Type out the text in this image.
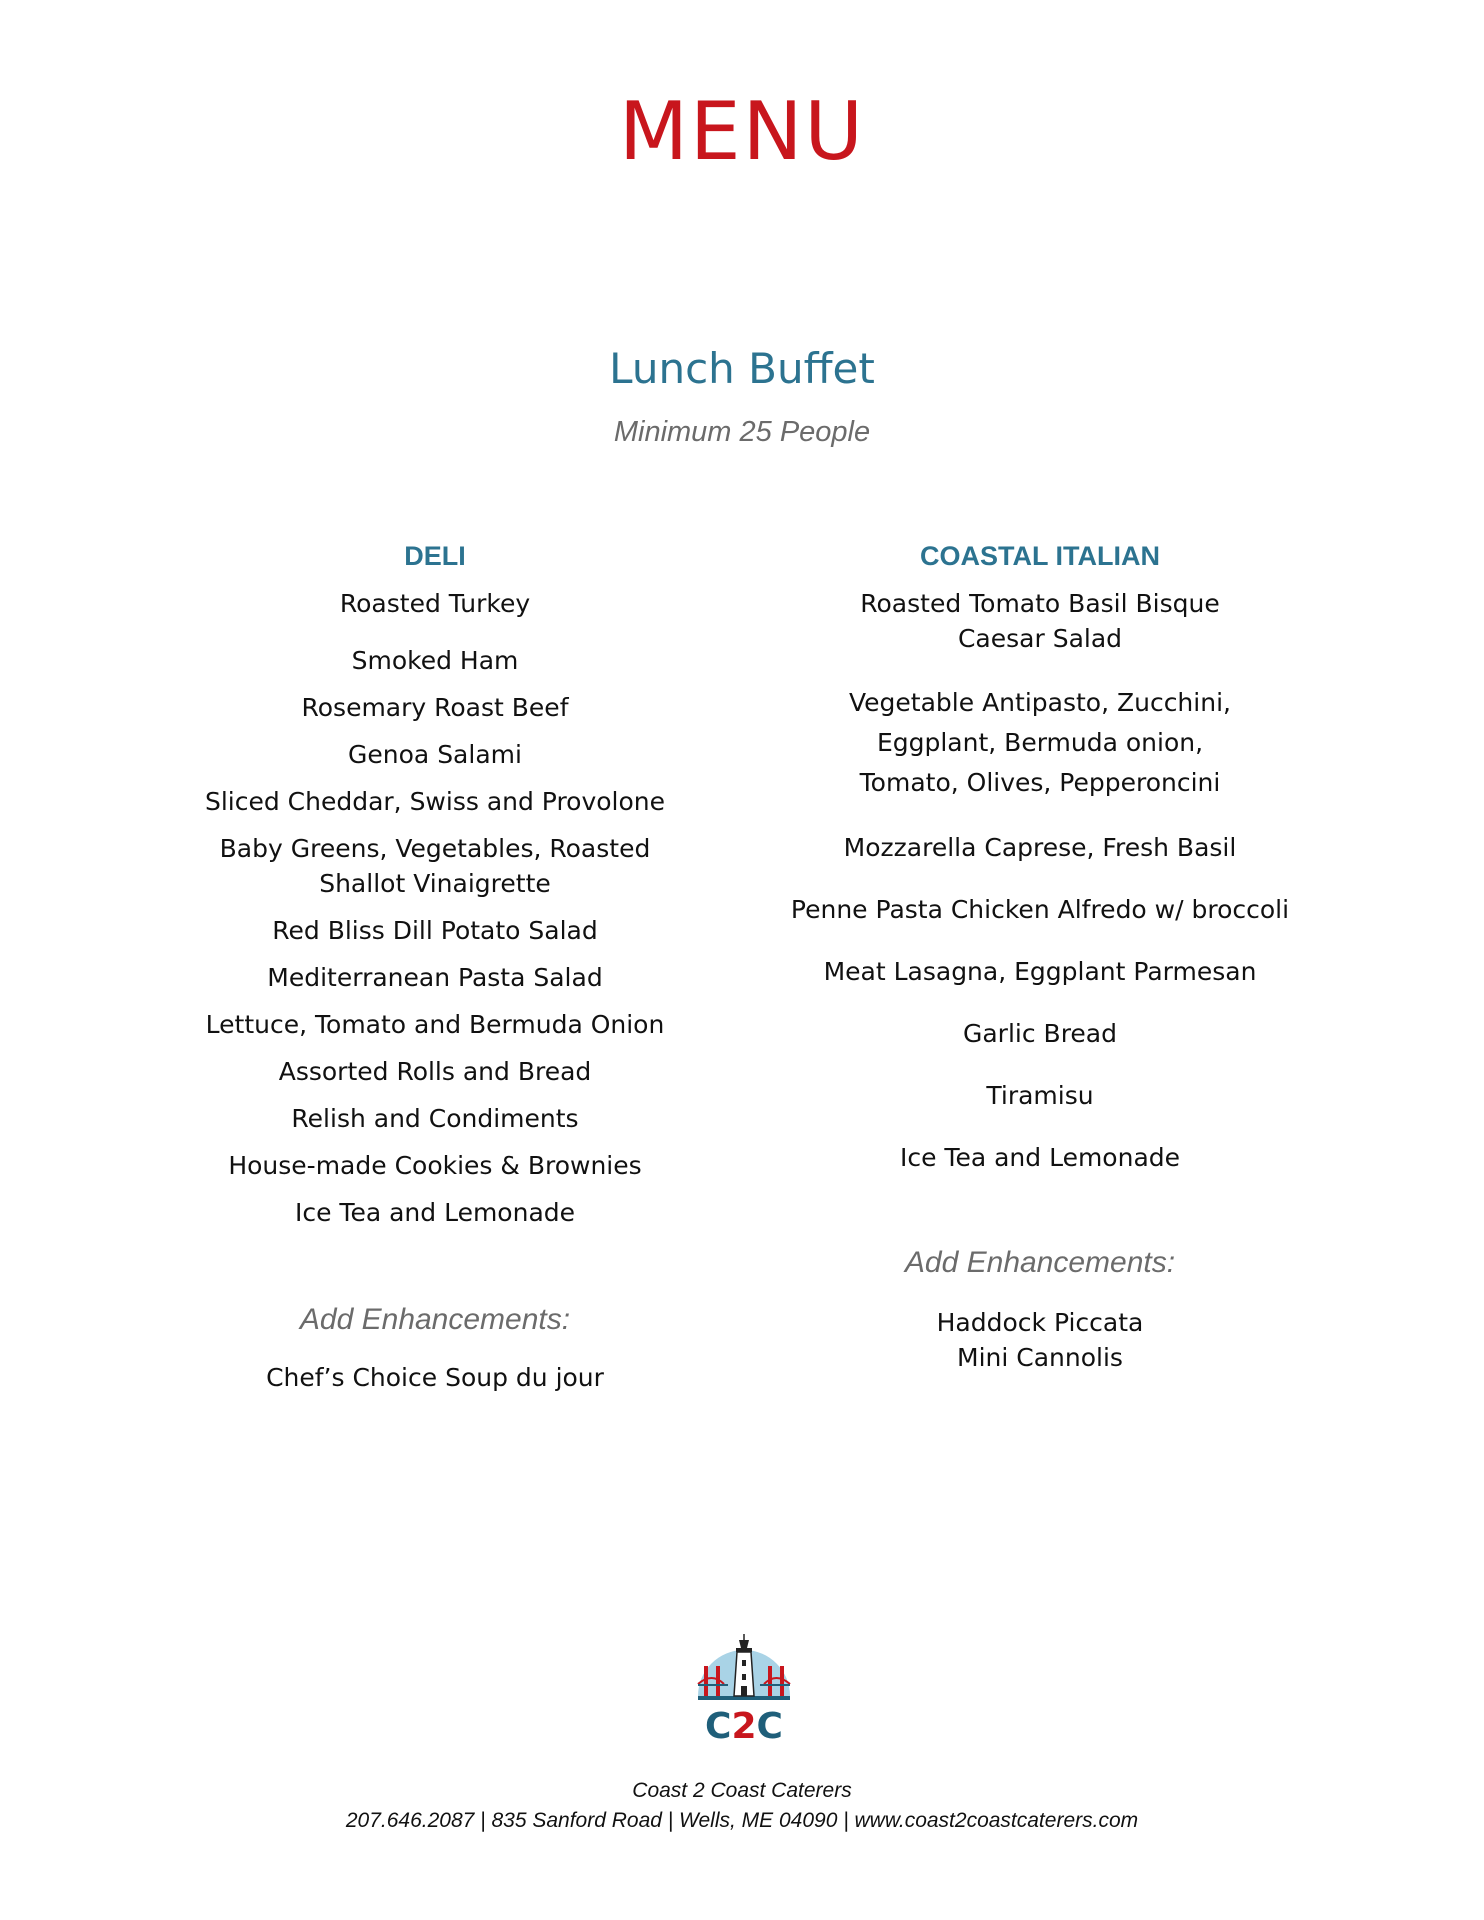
MENU
Lunch Buffet
Minimum 25 People
DELI
Roasted Turkey
Smoked Ham
Rosemary Roast Beef
Genoa Salami
Sliced Cheddar, Swiss and Provolone
Baby Greens, Vegetables, Roasted
Shallot Vinaigrette
Red Bliss Dill Potato Salad
Mediterranean Pasta Salad
Lettuce, Tomato and Bermuda Onion
Assorted Rolls and Bread
Relish and Condiments
House-made Cookies & Brownies
Ice Tea and Lemonade
Add Enhancements:
Chef’s Choice Soup du jour
COASTAL ITALIAN
Roasted Tomato Basil Bisque
Caesar Salad
Vegetable Antipasto, Zucchini,
Eggplant, Bermuda onion,
Tomato, Olives, Pepperoncini
Mozzarella Caprese, Fresh Basil
Penne Pasta Chicken Alfredo w/ broccoli
Meat Lasagna, Eggplant Parmesan
Garlic Bread
Tiramisu
Ice Tea and Lemonade
Add Enhancements:
Haddock Piccata
Mini Cannolis
C2C
Coast 2 Coast Caterers
207.646.2087 | 835 Sanford Road | Wells, ME 04090 | www.coast2coastcaterers.com
